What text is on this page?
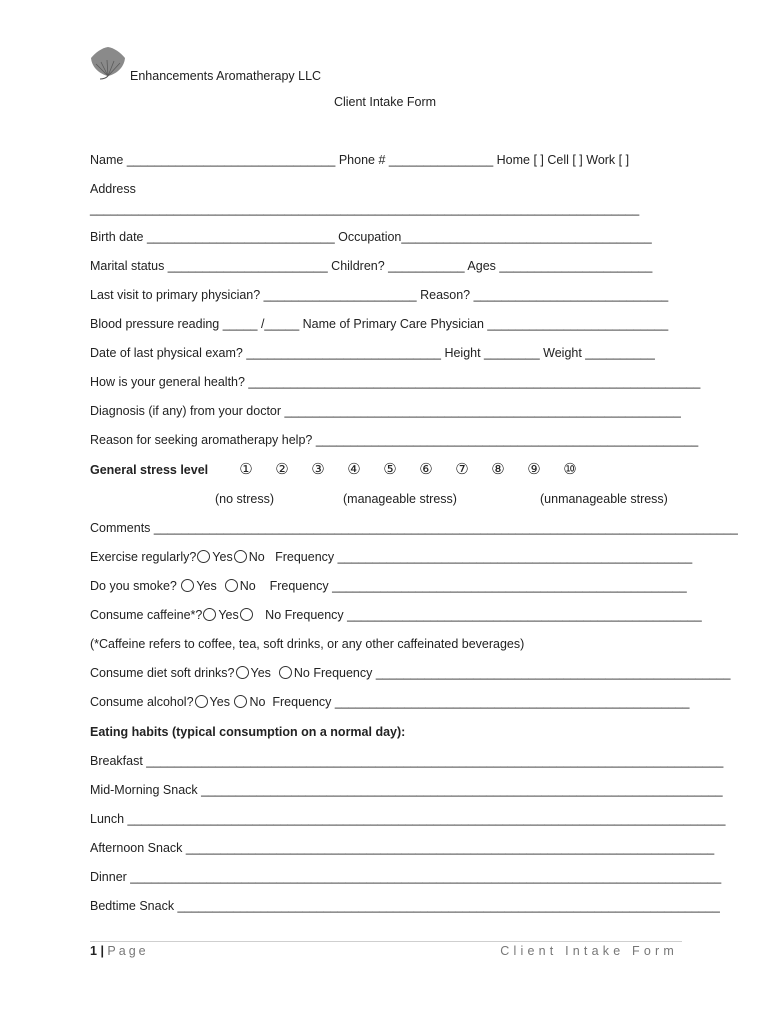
Enhancements Aromatherapy LLC
Client Intake Form
Name ______________________________ Phone # _______________ Home [ ] Cell [ ] Work [ ]
Address
_______________________________________________________________________________
Birth date ___________________________ Occupation____________________________________
Marital status _______________________ Children? ___________ Ages ______________________
Last visit to primary physician? ______________________ Reason? ____________________________
Blood pressure reading _____ /_____ Name of Primary Care Physician __________________________
Date of last physical exam? ____________________________ Height ________ Weight __________
How is your general health? _________________________________________________________________
Diagnosis (if any) from your doctor _________________________________________________________
Reason for seeking aromatherapy help? _______________________________________________________
General stress level	① ② ③ ④ ⑤ ⑥ ⑦ ⑧ ⑨ ⑩
(no stress)	(manageable stress)	(unmanageable stress)
Comments ____________________________________________________________________________________
Exercise regularly? Yes No Frequency ___________________________________________________
Do you smoke? Yes No Frequency ___________________________________________________
Consume caffeine*? Yes No Frequency ___________________________________________________
(*Caffeine refers to coffee, tea, soft drinks, or any other caffeinated beverages)
Consume diet soft drinks? Yes No Frequency ___________________________________________________
Consume alcohol? Yes No Frequency ___________________________________________________
Eating habits (typical consumption on a normal day):
Breakfast ___________________________________________________________________________________
Mid-Morning Snack ___________________________________________________________________________
Lunch ______________________________________________________________________________________
Afternoon Snack ____________________________________________________________________________
Dinner _____________________________________________________________________________________
Bedtime Snack ______________________________________________________________________________
1 | Page	Client Intake Form
